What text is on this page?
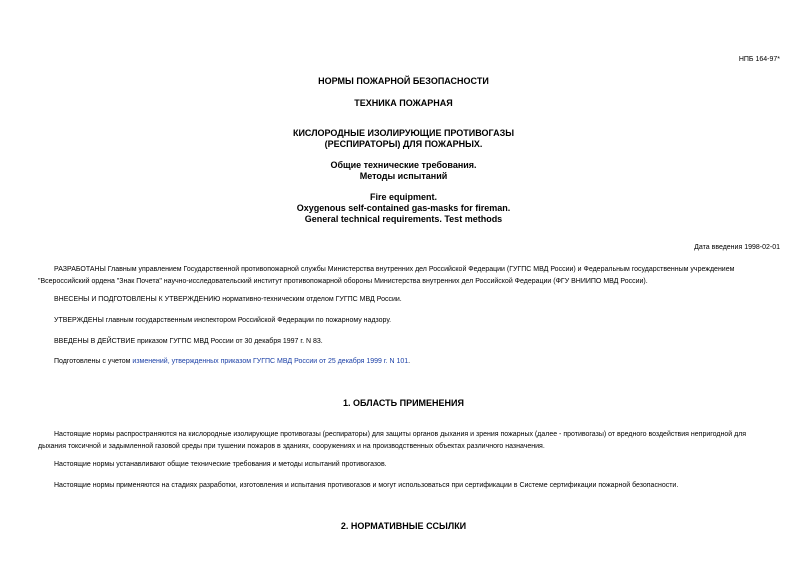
НПБ 164-97*
НОРМЫ ПОЖАРНОЙ БЕЗОПАСНОСТИ
ТЕХНИКА ПОЖАРНАЯ
КИСЛОРОДНЫЕ ИЗОЛИРУЮЩИЕ ПРОТИВОГАЗЫ
(РЕСПИРАТОРЫ) ДЛЯ ПОЖАРНЫХ.
Общие технические требования.
Методы испытаний
Fire equipment.
Oxygenous self-contained gas-masks for fireman.
General technical requirements. Test methods
Дата введения 1998-02-01
РАЗРАБОТАНЫ Главным управлением Государственной противопожарной службы Министерства внутренних дел Российской Федерации (ГУГПС МВД России) и Федеральным государственным учреждением
"Всероссийский ордена "Знак Почета" научно-исследовательский институт противопожарной обороны Министерства внутренних дел Российской Федерации (ФГУ ВНИИПО МВД России).
ВНЕСЕНЫ И ПОДГОТОВЛЕНЫ К УТВЕРЖДЕНИЮ нормативно-техническим отделом ГУГПС МВД России.
УТВЕРЖДЕНЫ главным государственным инспектором Российской Федерации по пожарному надзору.
ВВЕДЕНЫ В ДЕЙСТВИЕ приказом ГУГПС МВД России от 30 декабря 1997 г. N 83.
Подготовлены с учетом изменений, утвержденных приказом ГУГПС МВД России от 25 декабря 1999 г. N 101.
1. ОБЛАСТЬ ПРИМЕНЕНИЯ
Настоящие нормы распространяются на кислородные изолирующие противогазы (респираторы) для защиты органов дыхания и зрения пожарных (далее - противогазы) от вредного воздействия непригодной для
дыхания токсичной и задымленной газовой среды при тушении пожаров в зданиях, сооружениях и на производственных объектах различного назначения.
Настоящие нормы устанавливают общие технические требования и методы испытаний противогазов.
Настоящие нормы применяются на стадиях разработки, изготовления и испытания противогазов и могут использоваться при сертификации в Системе сертификации пожарной безопасности.
2. НОРМАТИВНЫЕ ССЫЛКИ
